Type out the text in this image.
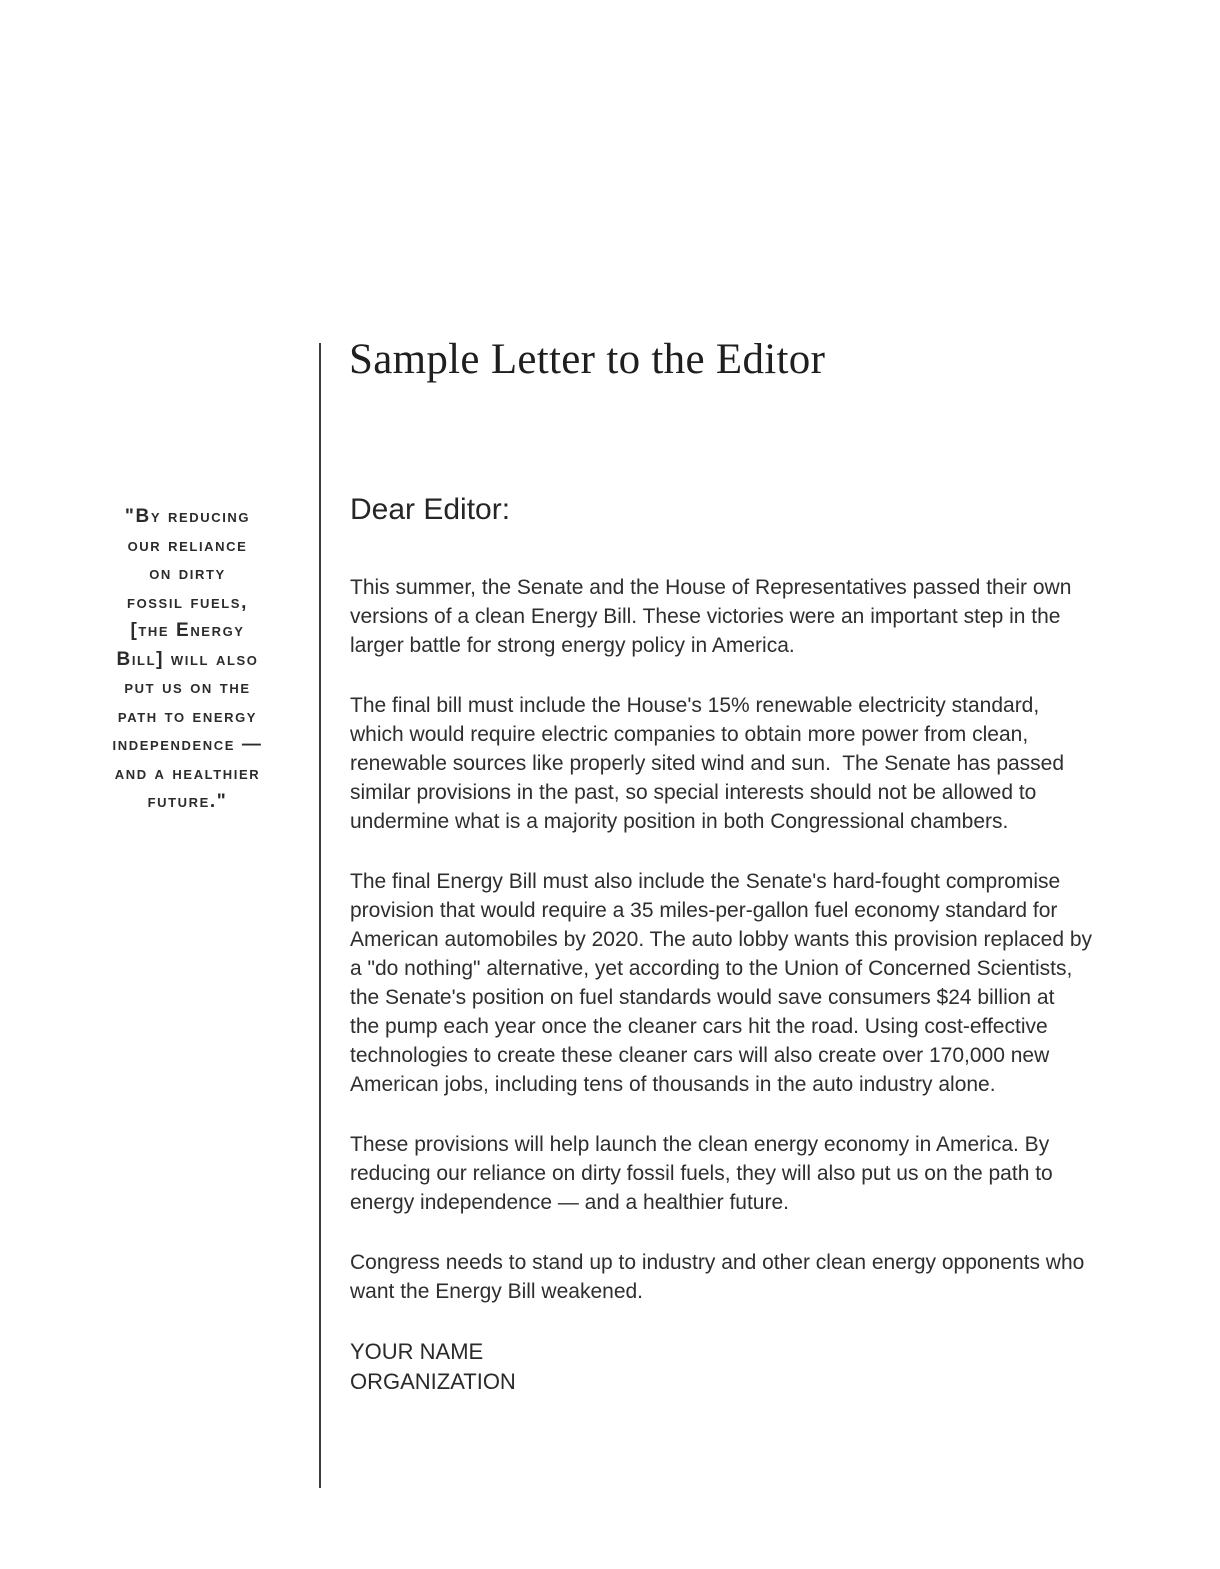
Sample Letter to the Editor
"By reducing
our reliance
on dirty
fossil fuels,
[the Energy
Bill] will also
put us on the
path to energy
independence —
and a healthier
future."
Dear Editor:
This summer, the Senate and the House of Representatives passed their own
versions of a clean Energy Bill. These victories were an important step in the
larger battle for strong energy policy in America.
The final bill must include the House's 15% renewable electricity standard,
which would require electric companies to obtain more power from clean,
renewable sources like properly sited wind and sun.  The Senate has passed
similar provisions in the past, so special interests should not be allowed to
undermine what is a majority position in both Congressional chambers.
The final Energy Bill must also include the Senate's hard-fought compromise
provision that would require a 35 miles-per-gallon fuel economy standard for
American automobiles by 2020. The auto lobby wants this provision replaced by
a "do nothing" alternative, yet according to the Union of Concerned Scientists,
the Senate's position on fuel standards would save consumers $24 billion at
the pump each year once the cleaner cars hit the road. Using cost-effective
technologies to create these cleaner cars will also create over 170,000 new
American jobs, including tens of thousands in the auto industry alone.
These provisions will help launch the clean energy economy in America. By
reducing our reliance on dirty fossil fuels, they will also put us on the path to
energy independence — and a healthier future.
Congress needs to stand up to industry and other clean energy opponents who
want the Energy Bill weakened.
YOUR NAME
ORGANIZATION
